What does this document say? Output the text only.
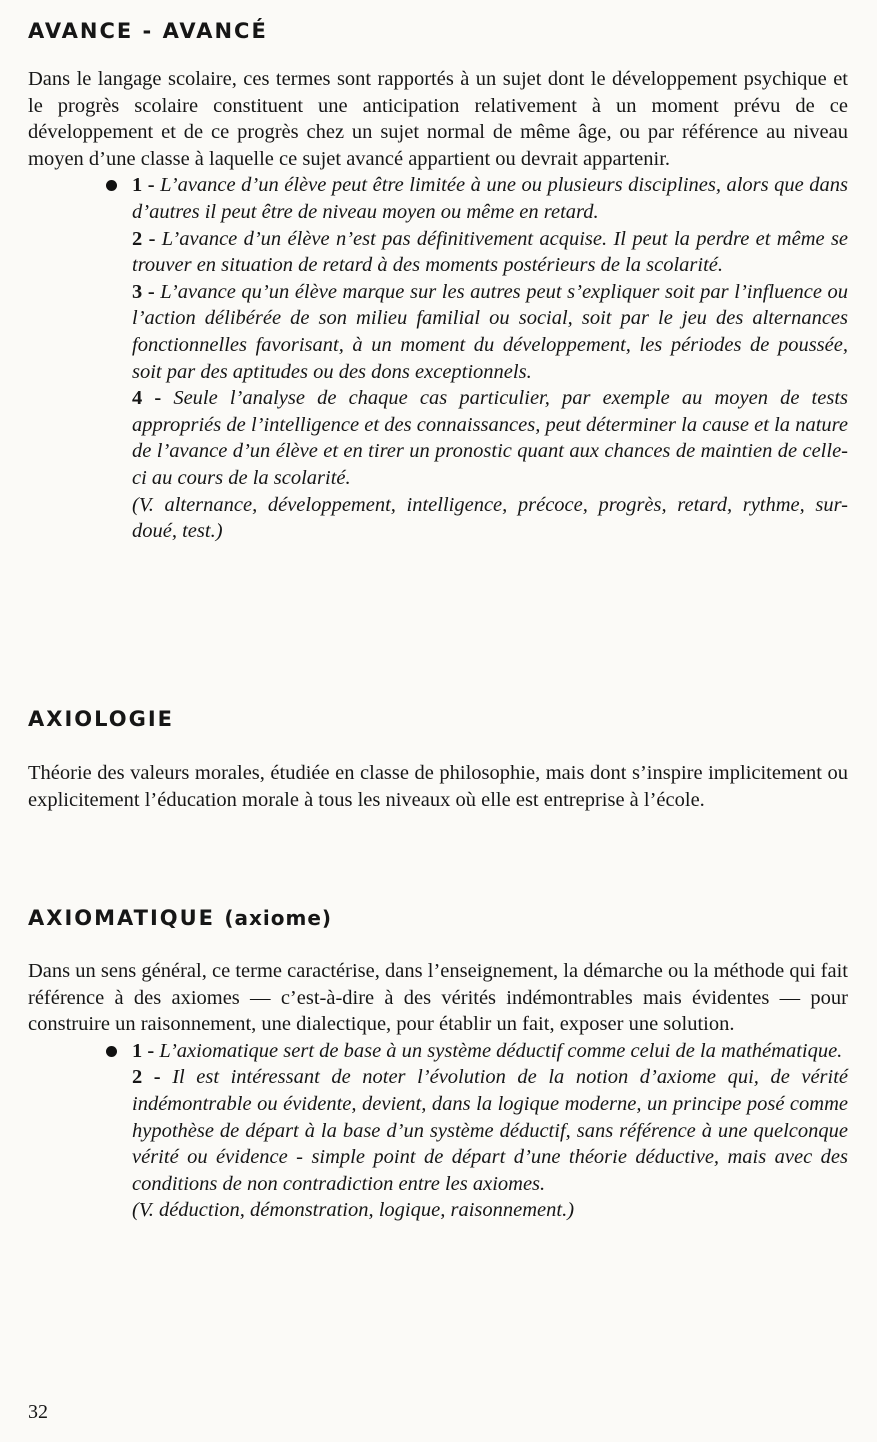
AVANCE - AVANCÉ

Dans le langage scolaire, ces termes sont rapportés à un sujet dont le développement psychique et le progrès scolaire constituent une anticipation relativement à un moment prévu de ce développement et de ce progrès chez un sujet normal de même âge, ou par référence au niveau moyen d’une classe à laquelle ce sujet avancé appartient ou devrait appartenir.

1 - L’avance d’un élève peut être limitée à une ou plusieurs disciplines, alors que dans d’autres il peut être de niveau moyen ou même en retard.

2 - L’avance d’un élève n’est pas définitivement acquise. Il peut la perdre et même se trouver en situation de retard à des moments postérieurs de la scolarité.

3 - L’avance qu’un élève marque sur les autres peut s’expliquer soit par l’influence ou l’action délibérée de son milieu familial ou social, soit par le jeu des alternances fonctionnelles favorisant, à un moment du développement, les périodes de poussée, soit par des aptitudes ou des dons exceptionnels.

4 - Seule l’analyse de chaque cas particulier, par exemple au moyen de tests appropriés de l’intelligence et des connaissances, peut déterminer la cause et la nature de l’avance d’un élève et en tirer un pronostic quant aux chances de maintien de celle-ci au cours de la scolarité.

(V. alternance, développement, intelligence, précoce, progrès, retard, rythme, sur-doué, test.)

AXIOLOGIE

Théorie des valeurs morales, étudiée en classe de philosophie, mais dont s’inspire implicitement ou explicitement l’éducation morale à tous les niveaux où elle est entreprise à l’école.

AXIOMATIQUE (axiome)

Dans un sens général, ce terme caractérise, dans l’enseignement, la démarche ou la méthode qui fait référence à des axiomes — c’est-à-dire à des vérités indémontrables mais évidentes — pour construire un raisonnement, une dialectique, pour établir un fait, exposer une solution.

1 - L’axiomatique sert de base à un système déductif comme celui de la mathématique.

2 - Il est intéressant de noter l’évolution de la notion d’axiome qui, de vérité indémontrable ou évidente, devient, dans la logique moderne, un principe posé comme hypothèse de départ à la base d’un système déductif, sans référence à une quelconque vérité ou évidence - simple point de départ d’une théorie déductive, mais avec des conditions de non contradiction entre les axiomes.

(V. déduction, démonstration, logique, raisonnement.)

32
